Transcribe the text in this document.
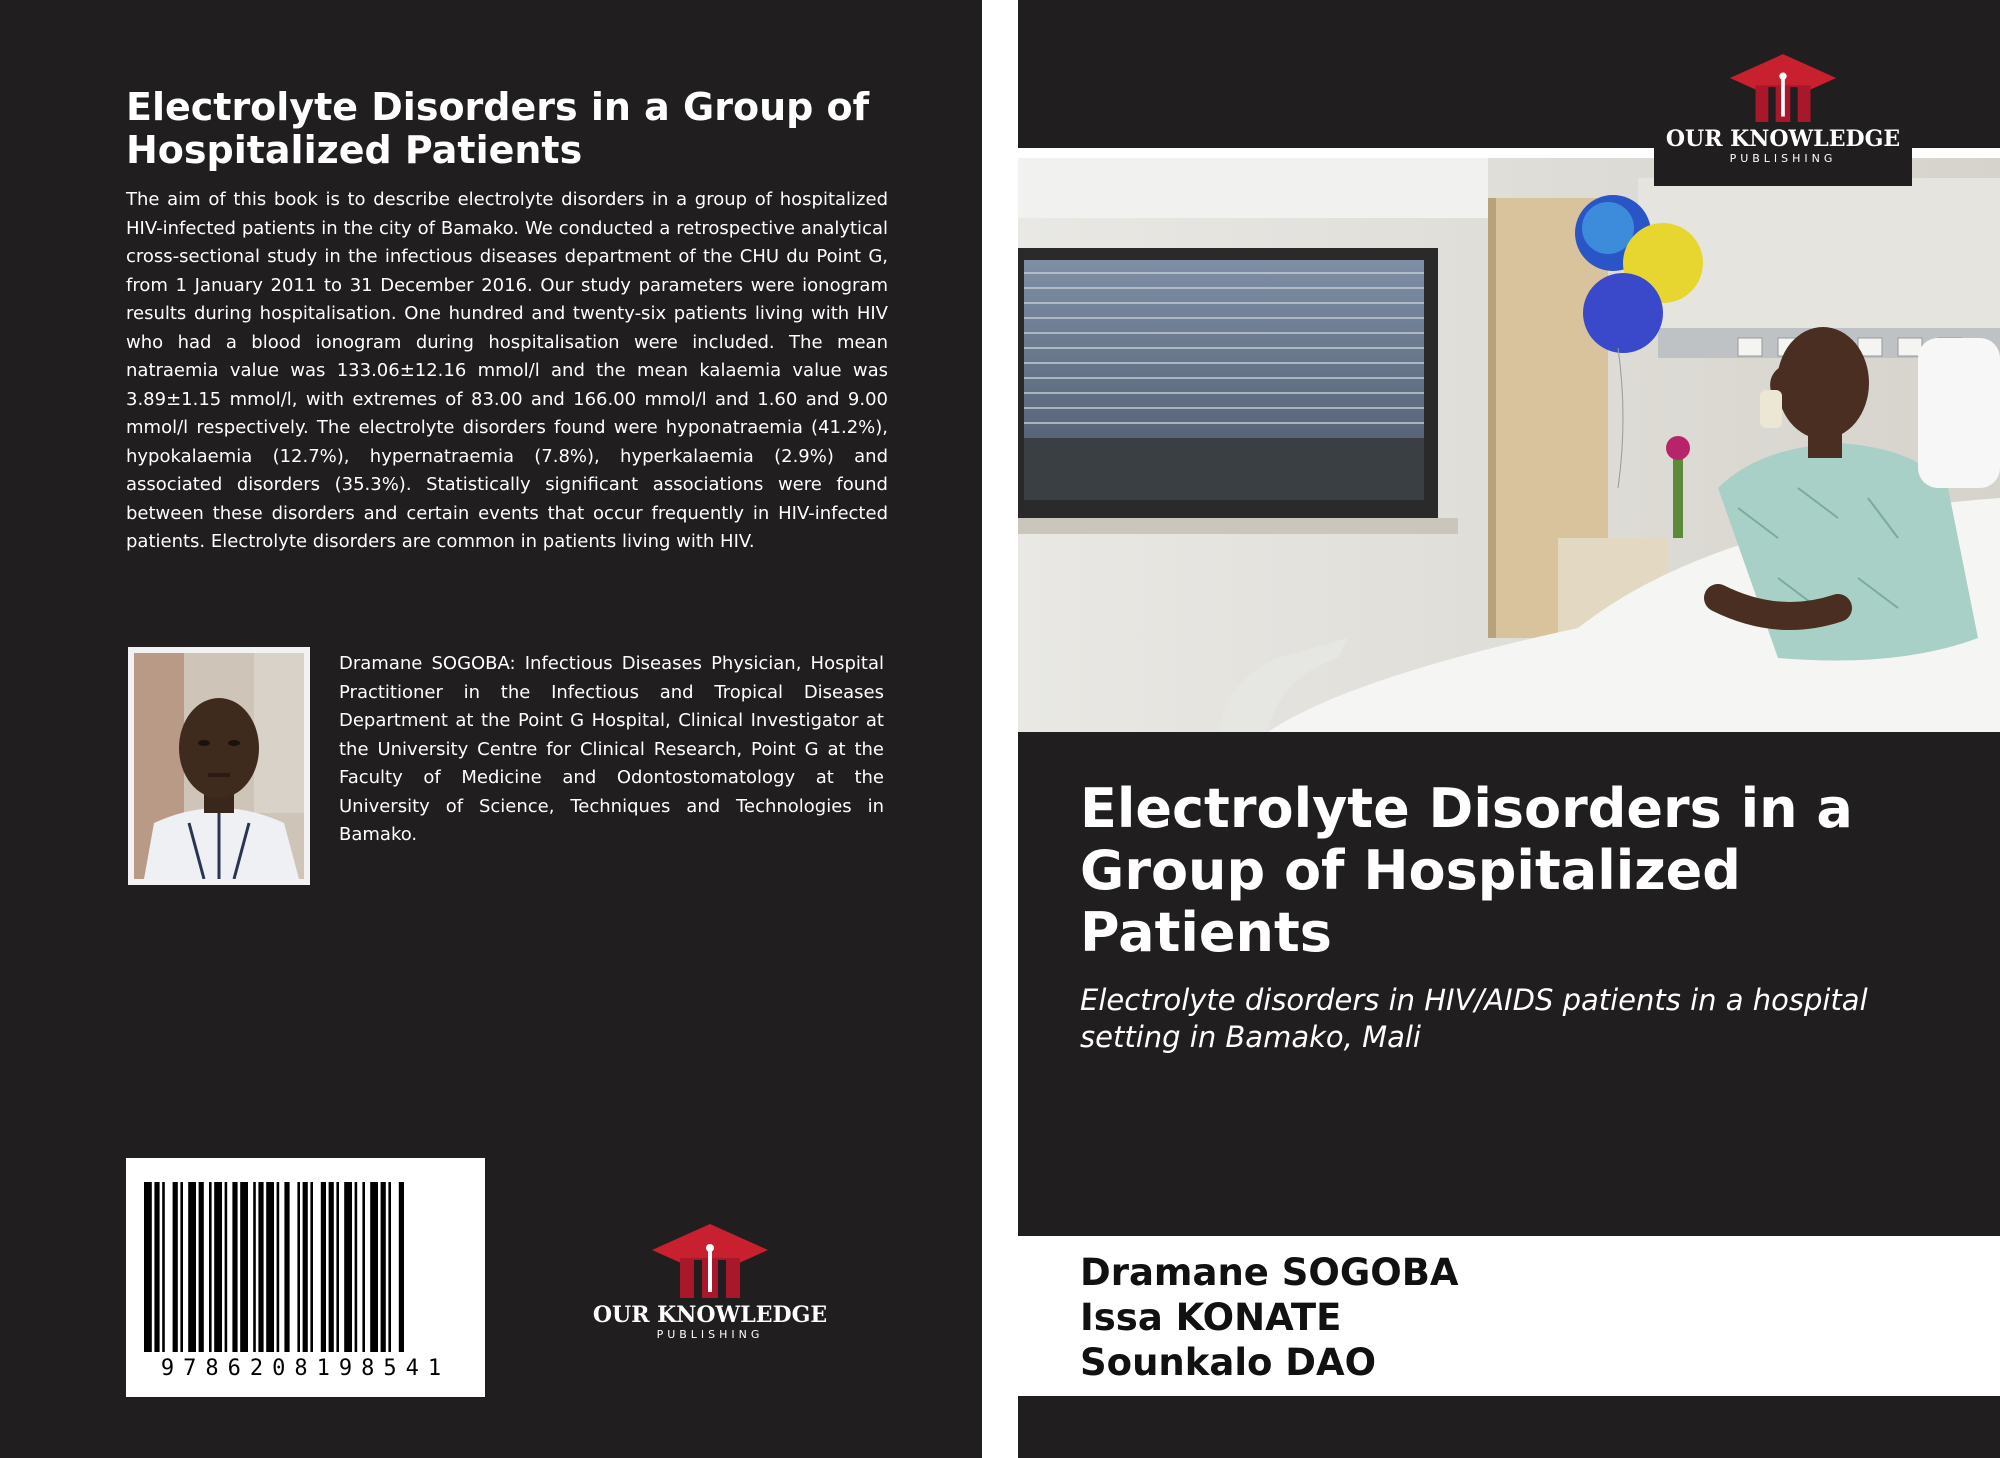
Electrolyte Disorders in a Group of Hospitalized Patients

The aim of this book is to describe electrolyte disorders in a group of hospitalized HIV-infected patients in the city of Bamako. We conducted a retrospective analytical cross-sectional study in the infectious diseases department of the CHU du Point G, from 1 January 2011 to 31 December 2016. Our study parameters were ionogram results during hospitalisation. One hundred and twenty-six patients living with HIV who had a blood ionogram during hospitalisation were included. The mean natraemia value was 133.06±12.16 mmol/l and the mean kalaemia value was 3.89±1.15 mmol/l, with extremes of 83.00 and 166.00 mmol/l and 1.60 and 9.00 mmol/l respectively. The electrolyte disorders found were hyponatraemia (41.2%), hypokalaemia (12.7%), hypernatraemia (7.8%), hyperkalaemia (2.9%) and associated disorders (35.3%). Statistically significant associations were found between these disorders and certain events that occur frequently in HIV-infected patients. Electrolyte disorders are common in patients living with HIV.

Dramane SOGOBA: Infectious Diseases Physician, Hospital Practitioner in the Infectious and Tropical Diseases Department at the Point G Hospital, Clinical Investigator at the University Centre for Clinical Research, Point G at the Faculty of Medicine and Odontostomatology at the University of Science, Techniques and Technologies in Bamako.

9786208198541

OUR KNOWLEDGE

PUBLISHING

OUR KNOWLEDGE

PUBLISHING

Electrolyte Disorders in a Group of Hospitalized Patients

Electrolyte disorders in HIV/AIDS patients in a hospital setting in Bamako, Mali

Dramane SOGOBA

Issa KONATE

Sounkalo DAO
